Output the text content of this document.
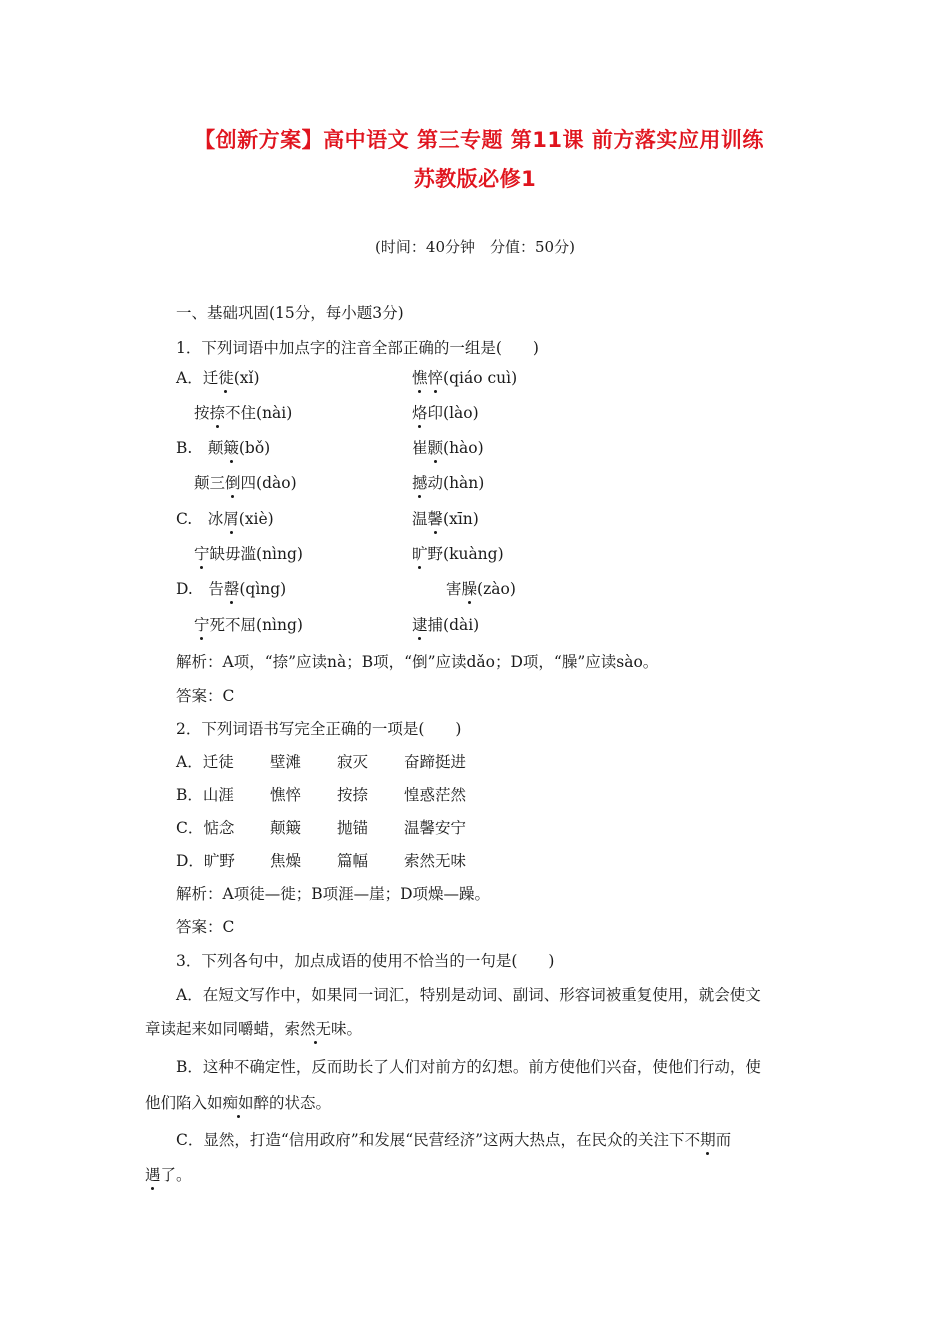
【创新方案】高中语文 第三专题 第11课 前方落实应用训练
苏教版必修1
(时间：40分钟　分值：50分)
一、基础巩固(15分，每小题3分)
1．下列词语中加点字的注音全部正确的一组是(　　)
A．迁徙(xǐ)	憔悴(qiáo cuì)
按捺不住(nài)	烙印(lào)
B.  颠簸(bǒ)	崔颢(hào)
颠三倒四(dào)	撼动(hàn)
C.  冰屑(xiè)	温馨(xīn)
宁缺毋滥(nìng)	旷野(kuàng)
D.  告罄(qìng)	害臊(zào)
宁死不屈(nìng)	逮捕(dài)
解析：A项，“捺”应读nà；B项，“倒”应读dǎo；D项，“臊”应读sào。
答案：C
2．下列词语书写完全正确的一项是(　　)
A．迁徒 壁滩 寂灭 奋蹄挺进
B．山涯 憔悴 按捺 惶惑茫然
C．惦念 颠簸 抛锚 温馨安宁
D．旷野 焦燥 篇幅 索然无味
解析：A项徒—徙；B项涯—崖；D项燥—躁。
答案：C
3．下列各句中，加点成语的使用不恰当的一句是(　　)
A．在短文写作中，如果同一词汇，特别是动词、副词、形容词被重复使用，就会使文
章读起来如同嚼蜡，索然无味。
B．这种不确定性，反而助长了人们对前方的幻想。前方使他们兴奋，使他们行动，使
他们陷入如痴如醉的状态。
C．显然，打造“信用政府”和发展“民营经济”这两大热点，在民众的关注下不期而
遇了。
